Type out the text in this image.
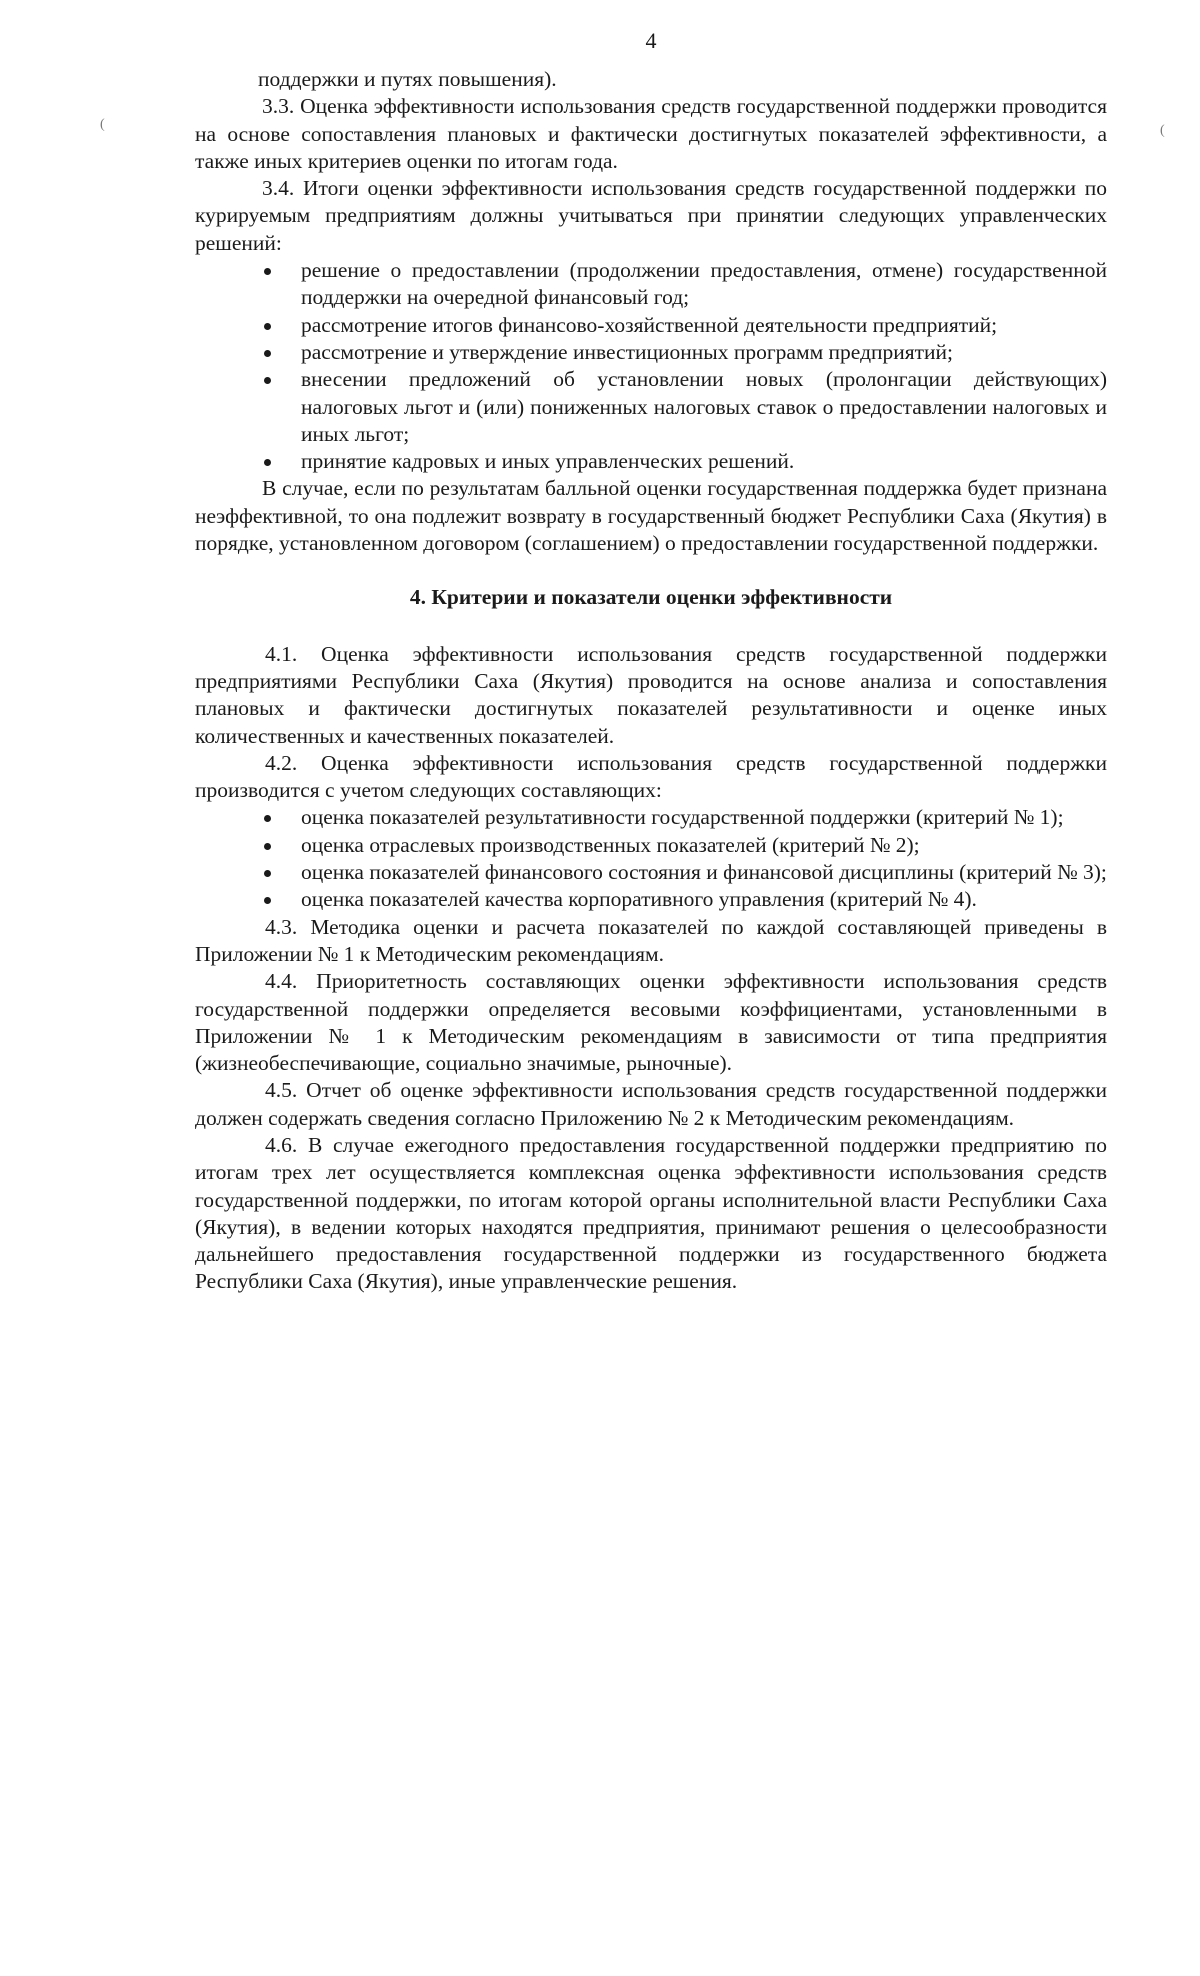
(	(
4

поддержки и путях повышения).

3.3. Оценка эффективности использования средств государственной поддержки проводится на основе сопоставления плановых и фактически достигнутых показателей эффективности, а также иных критериев оценки по итогам года.

3.4. Итоги оценки эффективности использования средств государственной поддержки по курируемым предприятиям должны учитываться при принятии следующих управленческих решений:

решение о предоставлении (продолжении предоставления, отмене) государственной поддержки на очередной финансовый год;
рассмотрение итогов финансово-хозяйственной деятельности предприятий;
рассмотрение и утверждение инвестиционных программ предприятий;
внесении предложений об установлении новых (пролонгации действующих) налоговых льгот и (или) пониженных налоговых ставок о предоставлении налоговых и иных льгот;
принятие кадровых и иных управленческих решений.

В случае, если по результатам балльной оценки государственная поддержка будет признана неэффективной, то она подлежит возврату в государственный бюджет Республики Саха (Якутия) в порядке, установленном договором (соглашением) о предоставлении государственной поддержки.

4. Критерии и показатели оценки эффективности

4.1. Оценка эффективности использования средств государственной поддержки предприятиями Республики Саха (Якутия) проводится на основе анализа и сопоставления плановых и фактически достигнутых показателей результативности и оценке иных количественных и качественных показателей.

4.2. Оценка эффективности использования средств государственной поддержки производится с учетом следующих составляющих:

оценка показателей результативности государственной поддержки (критерий № 1);
оценка отраслевых производственных показателей (критерий № 2);
оценка показателей финансового состояния и финансовой дисциплины (критерий № 3);
оценка показателей качества корпоративного управления (критерий № 4).

4.3. Методика оценки и расчета показателей по каждой составляющей приведены в Приложении № 1 к Методическим рекомендациям.

4.4. Приоритетность составляющих оценки эффективности использования средств государственной поддержки определяется весовыми коэффициентами, установленными в Приложении № 1 к Методическим рекомендациям в зависимости от типа предприятия (жизнеобеспечивающие, социально значимые, рыночные).

4.5. Отчет об оценке эффективности использования средств государственной поддержки должен содержать сведения согласно Приложению № 2 к Методическим рекомендациям.

4.6. В случае ежегодного предоставления государственной поддержки предприятию по итогам трех лет осуществляется комплексная оценка эффективности использования средств государственной поддержки, по итогам которой органы исполнительной власти Республики Саха (Якутия), в ведении которых находятся предприятия, принимают решения о целесообразности дальнейшего предоставления государственной поддержки из государственного бюджета Республики Саха (Якутия), иные управленческие решения.
